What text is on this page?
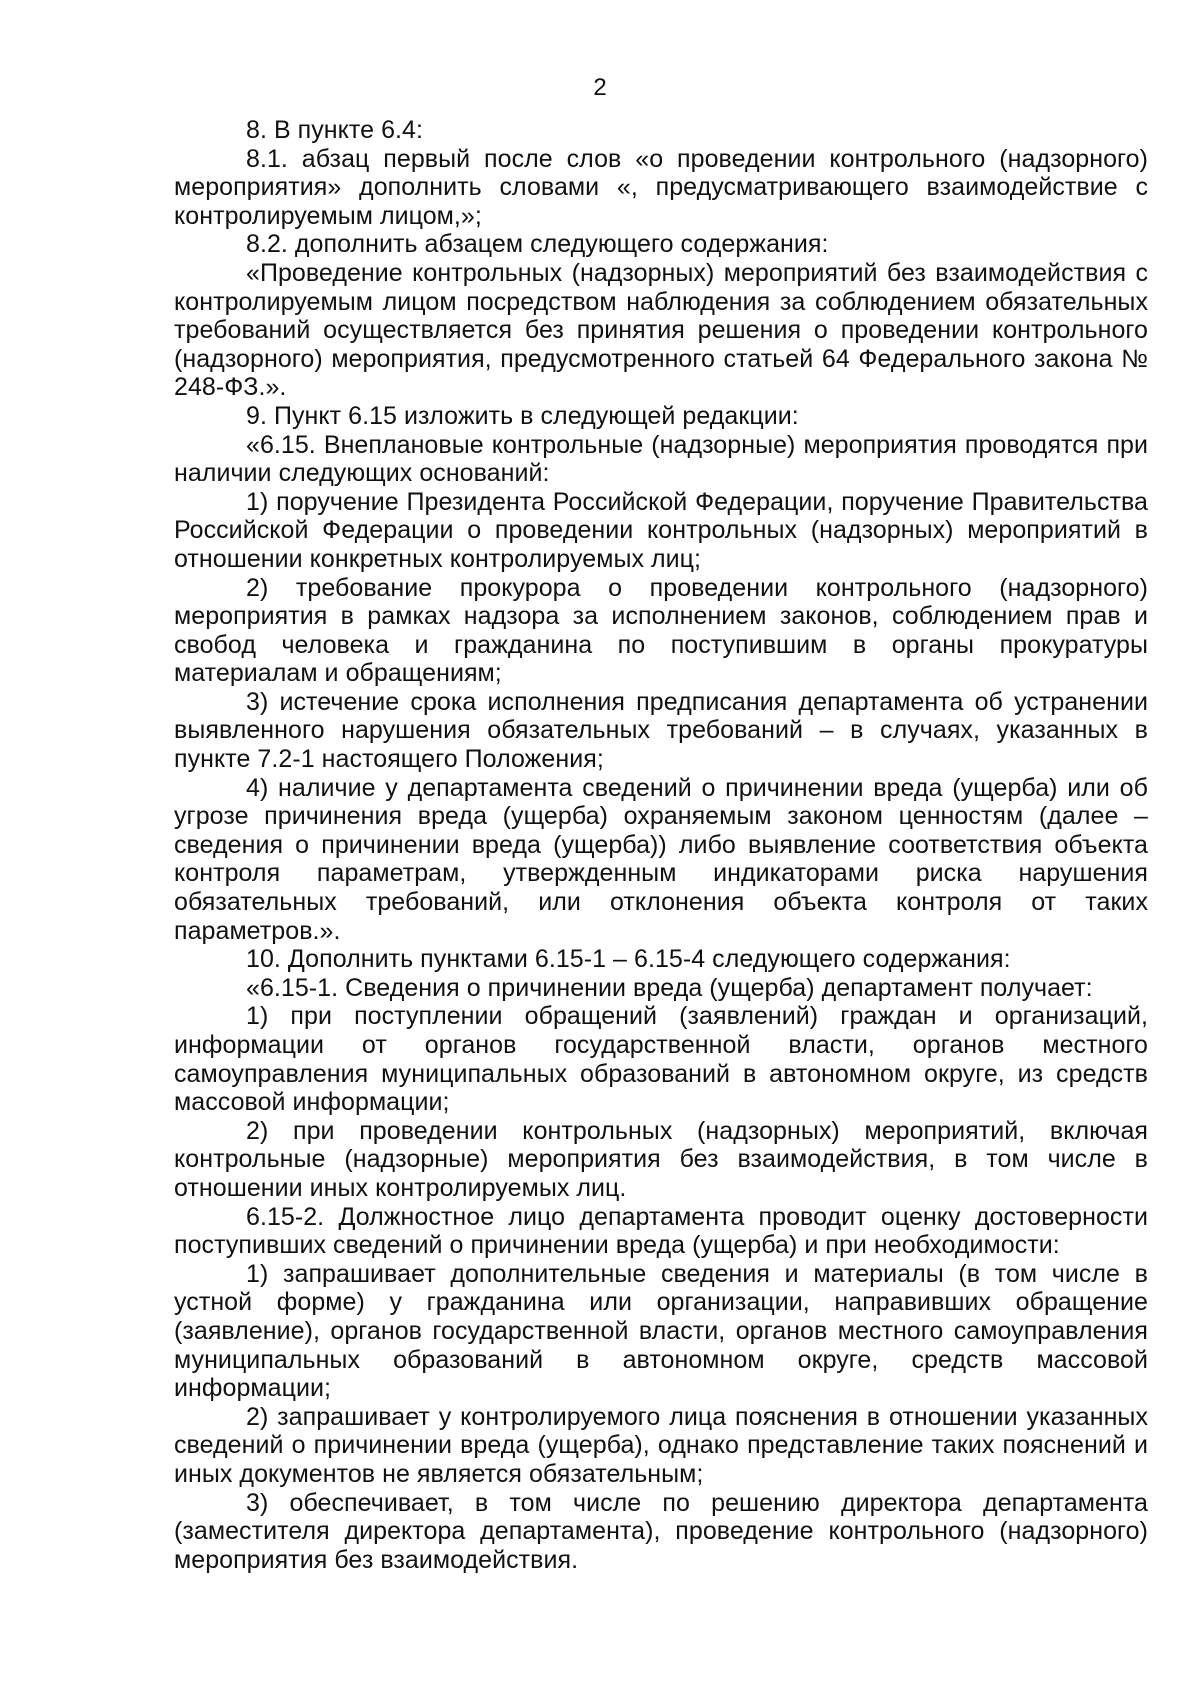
2

8. В пункте 6.4:

8.1. абзац первый после слов «о проведении контрольного (надзорного) мероприятия» дополнить словами «, предусматривающего взаимодействие с контролируемым лицом,»;

8.2. дополнить абзацем следующего содержания:

«Проведение контрольных (надзорных) мероприятий без взаимодействия с контролируемым лицом посредством наблюдения за соблюдением обязательных требований осуществляется без принятия решения о проведении контрольного (надзорного) мероприятия, предусмотренного статьей 64 Федерального закона № 248-ФЗ.».

9. Пункт 6.15 изложить в следующей редакции:

«6.15. Внеплановые контрольные (надзорные) мероприятия проводятся при наличии следующих оснований:

1) поручение Президента Российской Федерации, поручение Правительства Российской Федерации о проведении контрольных (надзорных) мероприятий в отношении конкретных контролируемых лиц;

2) требование прокурора о проведении контрольного (надзорного) мероприятия в рамках надзора за исполнением законов, соблюдением прав и свобод человека и гражданина по поступившим в органы прокуратуры материалам и обращениям;

3) истечение срока исполнения предписания департамента об устранении выявленного нарушения обязательных требований – в случаях, указанных в пункте 7.2-1 настоящего Положения;

4) наличие у департамента сведений о причинении вреда (ущерба) или об угрозе причинения вреда (ущерба) охраняемым законом ценностям (далее – сведения о причинении вреда (ущерба)) либо выявление соответствия объекта контроля параметрам, утвержденным индикаторами риска нарушения обязательных требований, или отклонения объекта контроля от таких параметров.».

10. Дополнить пунктами 6.15-1 – 6.15-4 следующего содержания:

«6.15-1. Сведения о причинении вреда (ущерба) департамент получает:

1) при поступлении обращений (заявлений) граждан и организаций, информации от органов государственной власти, органов местного самоуправления муниципальных образований в автономном округе, из средств массовой информации;

2) при проведении контрольных (надзорных) мероприятий, включая контрольные (надзорные) мероприятия без взаимодействия, в том числе в отношении иных контролируемых лиц.

6.15-2. Должностное лицо департамента проводит оценку достоверности поступивших сведений о причинении вреда (ущерба) и при необходимости:

1) запрашивает дополнительные сведения и материалы (в том числе в устной форме) у гражданина или организации, направивших обращение (заявление), органов государственной власти, органов местного самоуправления муниципальных образований в автономном округе, средств массовой информации;

2) запрашивает у контролируемого лица пояснения в отношении указанных сведений о причинении вреда (ущерба), однако представление таких пояснений и иных документов не является обязательным;

3) обеспечивает, в том числе по решению директора департамента (заместителя директора департамента), проведение контрольного (надзорного) мероприятия без взаимодействия.
